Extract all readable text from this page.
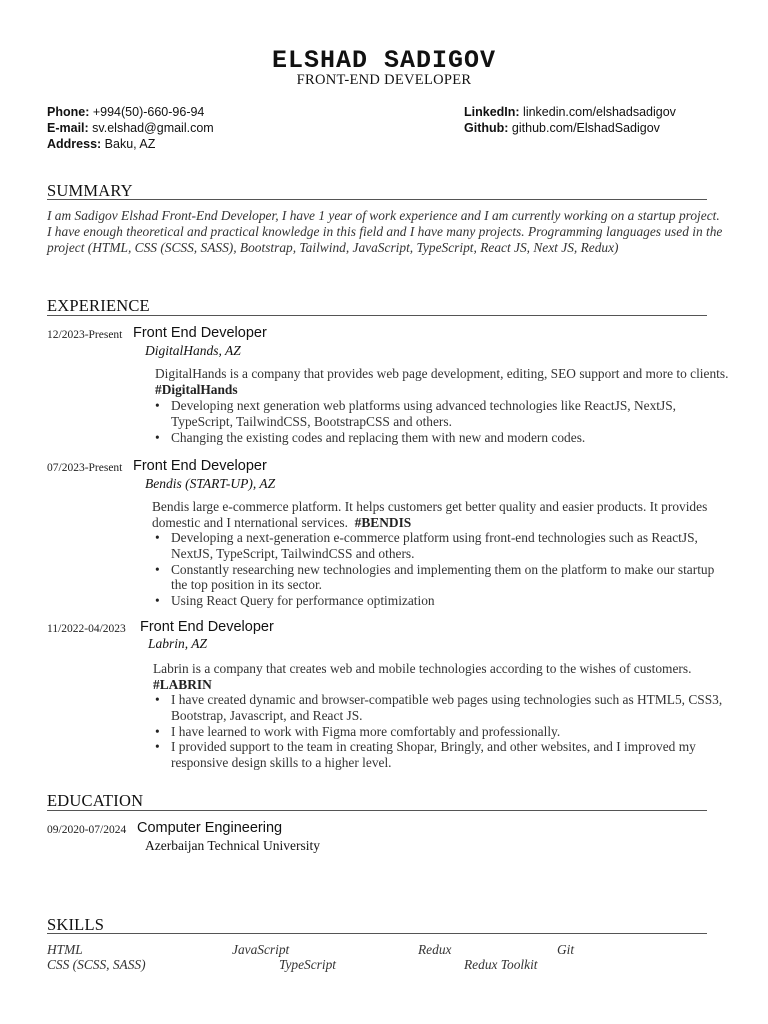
ELSHAD SADIGOV
FRONT-END DEVELOPER
Phone: +994(50)-660-96-94
E-mail: sv.elshad@gmail.com
Address: Baku, AZ
LinkedIn: linkedin.com/elshadsadigov
Github: github.com/ElshadSadigov
SUMMARY
I am Sadigov Elshad Front-End Developer, I have 1 year of work experience and I am currently working on a startup project. I have enough theoretical and practical knowledge in this field and I have many projects. Programming languages used in the project (HTML, CSS (SCSS, SASS), Bootstrap, Tailwind, JavaScript, TypeScript, React JS, Next JS, Redux)
EXPERIENCE
12/2023-Present Front End Developer
DigitalHands, AZ
DigitalHands is a company that provides web page development, editing, SEO support and more to clients. #DigitalHands
• Developing next generation web platforms using advanced technologies like ReactJS, NextJS, TypeScript, TailwindCSS, BootstrapCSS and others.
• Changing the existing codes and replacing them with new and modern codes.
07/2023-Present Front End Developer
Bendis (START-UP), AZ
Bendis large e-commerce platform. It helps customers get better quality and easier products. It provides domestic and I nternational services. #BENDIS
• Developing a next-generation e-commerce platform using front-end technologies such as ReactJS, NextJS, TypeScript, TailwindCSS and others.
• Constantly researching new technologies and implementing them on the platform to make our startup the top position in its sector.
• Using React Query for performance optimization
11/2022-04/2023 Front End Developer
Labrin, AZ
Labrin is a company that creates web and mobile technologies according to the wishes of customers. #LABRIN
• I have created dynamic and browser-compatible web pages using technologies such as HTML5, CSS3, Bootstrap, Javascript, and React JS.
• I have learned to work with Figma more comfortably and professionally.
• I provided support to the team in creating Shopar, Bringly, and other websites, and I improved my responsive design skills to a higher level.
EDUCATION
09/2020-07/2024 Computer Engineering
Azerbaijan Technical University
SKILLS
HTML	JavaScript	Redux	Git
CSS (SCSS, SASS)	TypeScript	Redux Toolkit
